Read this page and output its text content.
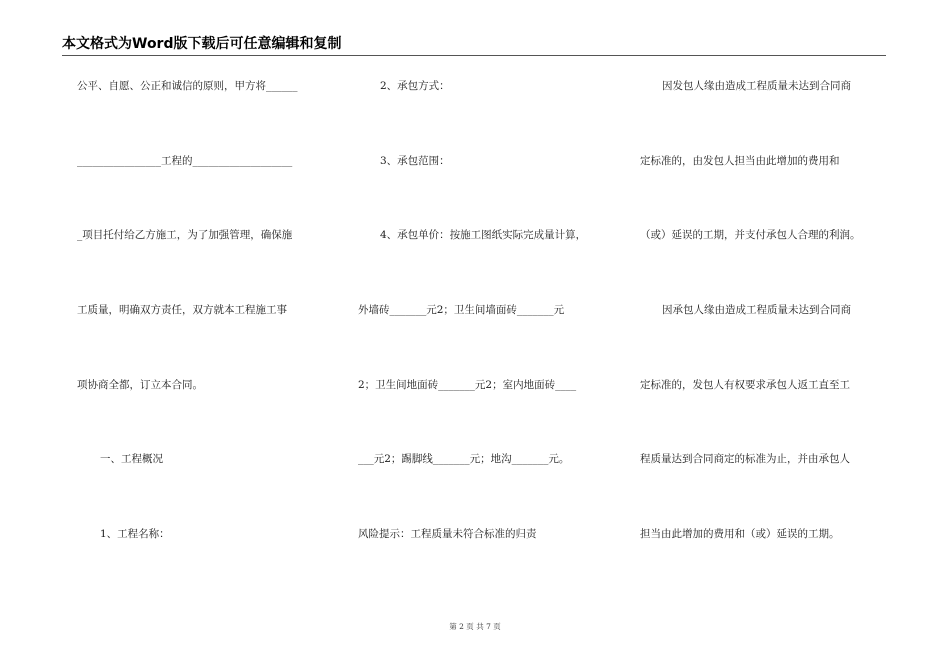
本文格式为Word版下载后可任意编辑和复制
公平、自愿、公正和诚信的原则，甲方将______
________________工程的___________________
_项目托付给乙方施工，为了加强管理，确保施
工质量，明确双方责任，双方就本工程施工事
项协商全都，订立本合同。
一、工程概况
1、工程名称：
2、承包方式：
3、承包范围：
4、承包单价：按施工图纸实际完成量计算，
外墙砖_______元2；卫生间墙面砖_______元
2；卫生间地面砖_______元2；室内地面砖____
___元2；踢脚线_______元；地沟_______元。
风险提示：工程质量未符合标准的归责
因发包人缘由造成工程质量未达到合同商
定标准的，由发包人担当由此增加的费用和
（或）延误的工期，并支付承包人合理的利润。
因承包人缘由造成工程质量未达到合同商
定标准的，发包人有权要求承包人返工直至工
程质量达到合同商定的标准为止，并由承包人
担当由此增加的费用和（或）延误的工期。
第 2 页 共 7 页
